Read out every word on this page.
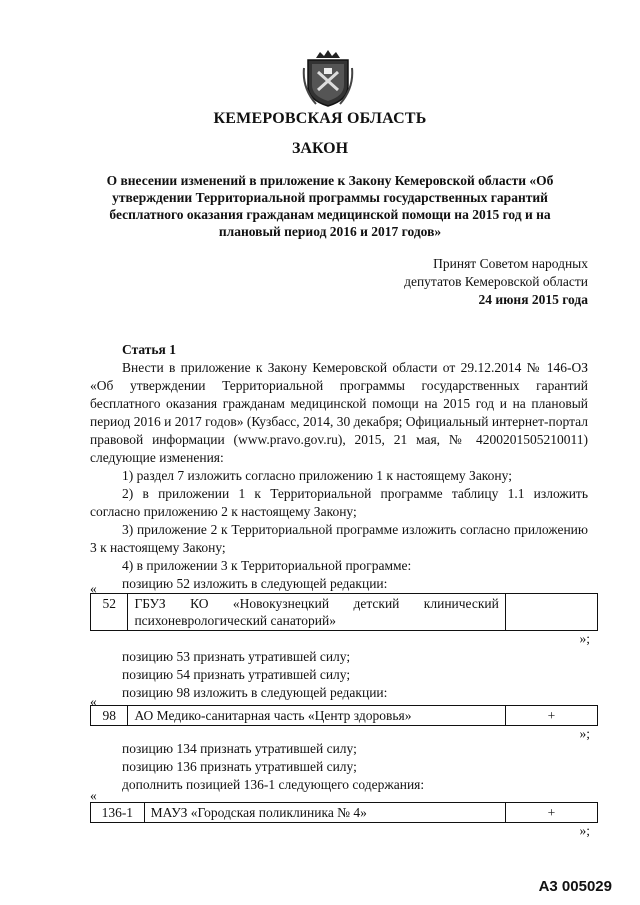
КЕМЕРОВСКАЯ ОБЛАСТЬ
ЗАКОН
О внесении изменений в приложение к Закону Кемеровской области «Об утверждении Территориальной программы государственных гарантий бесплатного оказания гражданам медицинской помощи на 2015 год и на плановый период 2016 и 2017 годов»
Принят Советом народных
депутатов Кемеровской области
24 июня 2015 года
Статья 1
Внести в приложение к Закону Кемеровской области от 29.12.2014 № 146-ОЗ «Об утверждении Территориальной программы государственных гарантий бесплатного оказания гражданам медицинской помощи на 2015 год и на плановый период 2016 и 2017 годов» (Кузбасс, 2014, 30 декабря; Официальный интернет-портал правовой информации (www.pravo.gov.ru), 2015, 21 мая, № 4200201505210011) следующие изменения:
1) раздел 7 изложить согласно приложению 1 к настоящему Закону;
2) в приложении 1 к Территориальной программе таблицу 1.1 изложить согласно приложению 2 к настоящему Закону;
3) приложение 2 к Территориальной программе изложить согласно приложению 3 к настоящему Закону;
4) в приложении 3 к Территориальной программе:
позицию 52 изложить в следующей редакции:
«
52	ГБУЗ КО «Новокузнецкий детский клинический психоневрологический санаторий»	
»;
позицию 53 признать утратившей силу;
позицию 54 признать утратившей силу;
позицию 98 изложить в следующей редакции:
«
98	АО Медико-санитарная часть «Центр здоровья»	+
»;
позицию 134 признать утратившей силу;
позицию 136 признать утратившей силу;
дополнить позицией 136-1 следующего содержания:
«
136-1	МАУЗ «Городская поликлиника № 4»	+
»;
А3 005029
